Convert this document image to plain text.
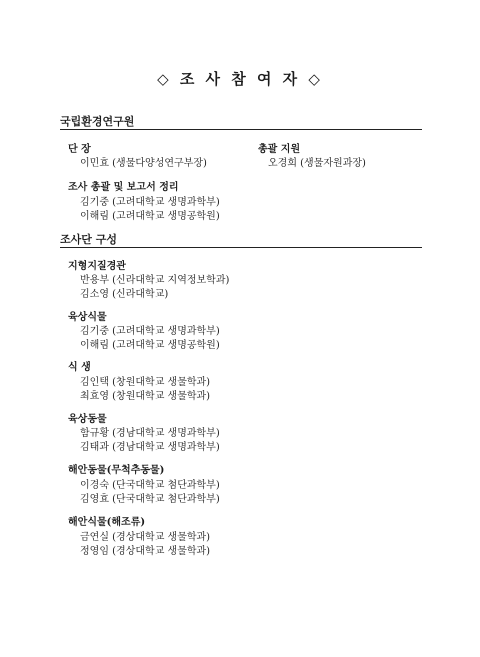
◇ 조 사 참 여 자 ◇
국립환경연구원
단 장
이민효 (생물다양성연구부장)
총괄 지원
오경희 (생물자원과장)
조사 총괄 및 보고서 정리
김기중 (고려대학교 생명과학부)
이해림 (고려대학교 생명공학원)
조사단 구성
지형지질경관
반용부 (신라대학교 지역정보학과)
김소영 (신라대학교)
육상식물
김기중 (고려대학교 생명과학부)
이해림 (고려대학교 생명공학원)
식 생
김인택 (창원대학교 생물학과)
최효영 (창원대학교 생물학과)
육상동물
함규황 (경남대학교 생명과학부)
김태과 (경남대학교 생명과학부)
해안동물(무척추동물)
이경숙 (단국대학교 첨단과학부)
김영효 (단국대학교 첨단과학부)
해안식물(해조류)
금연실 (경상대학교 생물학과)
정영임 (경상대학교 생물학과)
